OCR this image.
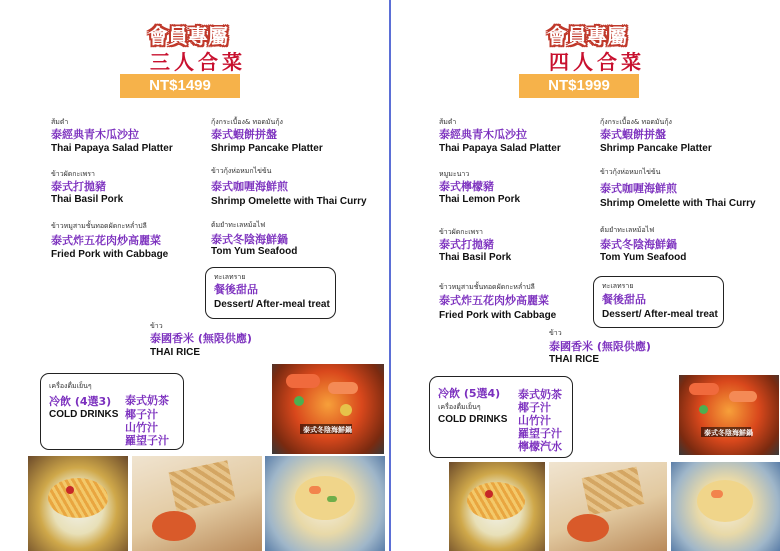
會員專屬
三人合菜
NT$1499
ส้มตำ
泰經典青木瓜沙拉
Thai Papaya Salad Platter
กุ้งกระเบื้อง& ทอดมันกุ้ง
泰式蝦餅拼盤
Shrimp Pancake Platter
ข้าวผัดกะเพรา
泰式打拋豬
Thai Basil Pork
ข้าวกุ้งห่อหมกไข่ข้น
泰式咖喱海鮮煎
Shrimp Omelette with Thai Curry
ข้าวหมูสามชั้นทอดผัดกะหล่ำปลี
泰式炸五花肉炒高麗菜
Fried Pork with Cabbage
ต้มยำทะเลหม้อไฟ
泰式冬陰海鮮鍋
Tom Yum Seafood
ทะเลทราย
餐後甜品
Dessert/ After-meal treat
ข้าว
泰國香米 (無限供應)
THAI RICE
เครื่องดื่มเย็นๆ
冷飲 (4選3)
COLD DRINKS
泰式奶茶
椰子汁
山竹汁
羅望子汁
泰式冬陰海鮮鍋
會員專屬
四人合菜
NT$1999
ส้มตำ
泰經典青木瓜沙拉
Thai Papaya Salad Platter
กุ้งกระเบื้อง& ทอดมันกุ้ง
泰式蝦餅拼盤
Shrimp Pancake Platter
หมูมะนาว
泰式檸檬豬
Thai Lemon Pork
ข้าวกุ้งห่อหมกไข่ข้น
泰式咖喱海鮮煎
Shrimp Omelette with Thai Curry
ข้าวผัดกะเพรา
泰式打拋豬
Thai Basil Pork
ต้มยำทะเลหม้อไฟ
泰式冬陰海鮮鍋
Tom Yum Seafood
ข้าวหมูสามชั้นทอดผัดกะหล่ำปลี
泰式炸五花肉炒高麗菜
Fried Pork with Cabbage
ทะเลทราย
餐後甜品
Dessert/ After-meal treat
ข้าว
泰國香米 (無限供應)
THAI RICE
冷飲 (5選4)
เครื่องดื่มเย็นๆ
COLD DRINKS
泰式奶茶
椰子汁
山竹汁
羅望子汁
檸檬汽水
泰式冬陰海鮮鍋
